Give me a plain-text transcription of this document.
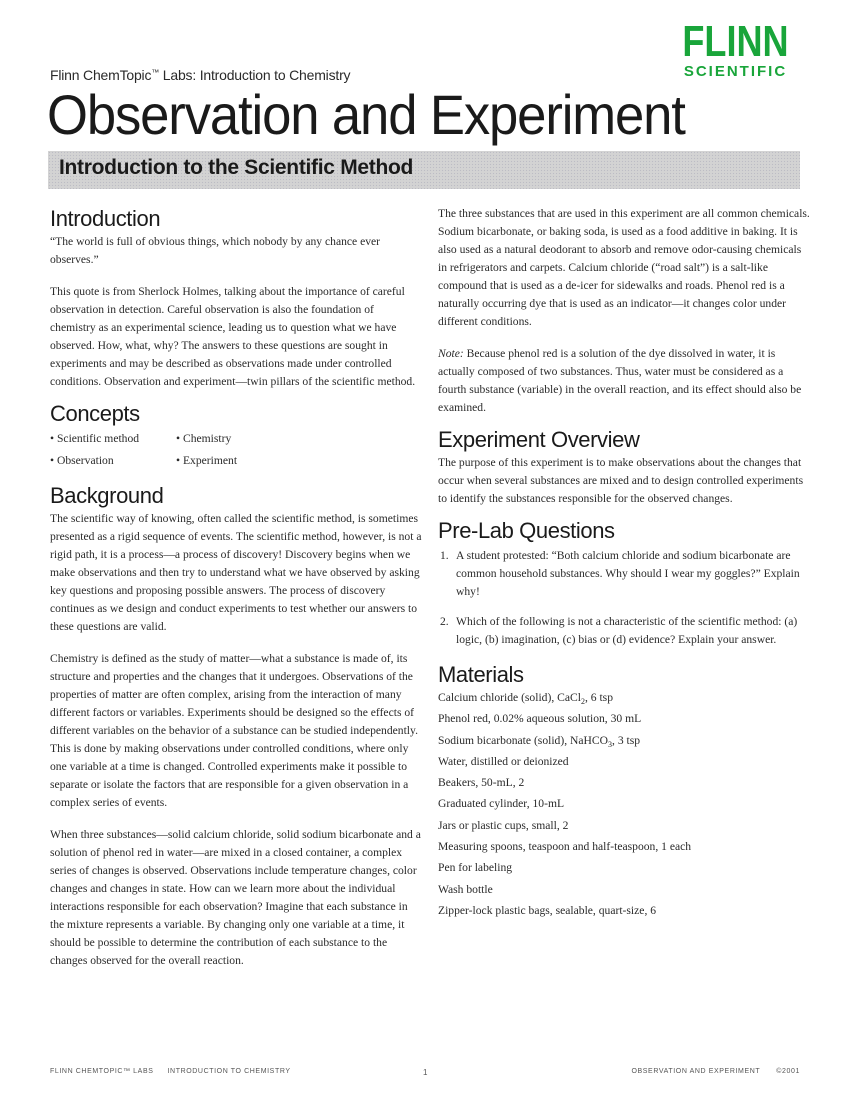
FLINN
SCIENTIFIC
Flinn ChemTopic™ Labs: Introduction to Chemistry
Observation and Experiment
Introduction to the Scientific Method
Introduction

“The world is full of obvious things, which nobody by any chance ever observes.”

This quote is from Sherlock Holmes, talking about the importance of careful observation in detection. Careful observation is also the foundation of chemistry as an experimental science, leading us to question what we have observed. How, what, why? The answers to these questions are sought in experiments and may be described as observations made under controlled conditions. Observation and experiment—twin pillars of the scientific method.

Concepts
• Scientific method	• Chemistry
• Observation	• Experiment
Background

The scientific way of knowing, often called the scientific method, is sometimes presented as a rigid sequence of events. The scientific method, however, is not a rigid path, it is a process—a process of discovery! Discovery begins when we make observations and then try to understand what we have observed by asking key questions and proposing possible answers. The process of discovery continues as we design and conduct experiments to test whether our answers to these questions are valid.

Chemistry is defined as the study of matter—what a substance is made of, its structure and properties and the changes that it undergoes. Observations of the properties of matter are often complex, arising from the interaction of many different factors or variables. Experiments should be designed so the effects of different variables on the behavior of a substance can be studied independently. This is done by making observations under controlled conditions, where only one variable at a time is changed. Controlled experiments make it possible to separate or isolate the factors that are responsible for a given observation in a complex series of events.

When three substances—solid calcium chloride, solid sodium bicarbonate and a solution of phenol red in water—are mixed in a closed container, a complex series of changes is observed. Observations include temperature changes, color changes and changes in state. How can we learn more about the individual interactions responsible for each observation? Imagine that each substance in the mixture represents a variable. By changing only one variable at a time, it should be possible to determine the contribution of each substance to the changes observed for the overall reaction.

The three substances that are used in this experiment are all common chemicals. Sodium bicarbonate, or baking soda, is used as a food additive in baking. It is also used as a natural deodorant to absorb and remove odor-causing chemicals in refrigerators and carpets. Calcium chloride (“road salt”) is a salt-like compound that is used as a de-icer for sidewalks and roads. Phenol red is a naturally occurring dye that is used as an indicator—it changes color under different conditions.

Note: Because phenol red is a solution of the dye dissolved in water, it is actually composed of two substances. Thus, water must be considered as a fourth substance (variable) in the overall reaction, and its effect should also be examined.

Experiment Overview

The purpose of this experiment is to make observations about the changes that occur when several substances are mixed and to design controlled experiments to identify the substances responsible for the observed changes.

Pre-Lab Questions
1. A student protested: “Both calcium chloride and sodium bicarbonate are common household substances. Why should I wear my goggles?” Explain why!
2. Which of the following is not a characteristic of the scientific method: (a) logic, (b) imagination, (c) bias or (d) evidence? Explain your answer.
Materials
Calcium chloride (solid), CaCl$_2$, 6 tsp
Phenol red, 0.02% aqueous solution, 30 mL
Sodium bicarbonate (solid), NaHCO$_3$, 3 tsp
Water, distilled or deionized
Beakers, 50-mL, 2
Graduated cylinder, 10-mL
Jars or plastic cups, small, 2
Measuring spoons, teaspoon and half-teaspoon, 1 each
Pen for labeling
Wash bottle
Zipper-lock plastic bags, sealable, quart-size, 6
FLINN CHEMTOPIC™ LABS INTRODUCTION TO CHEMISTRY	1	OBSERVATION AND EXPERIMENT ©2001
